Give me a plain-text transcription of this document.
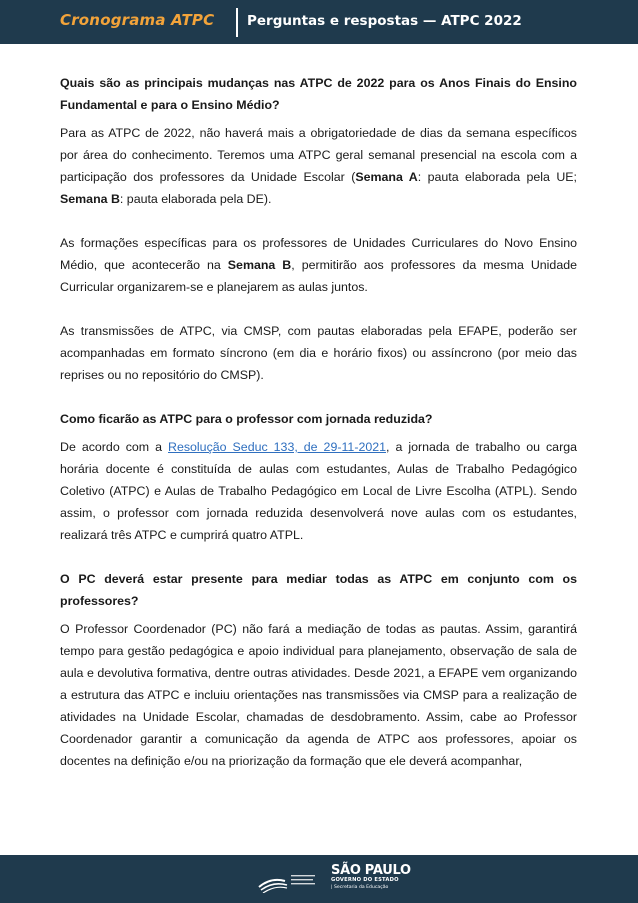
Cronograma ATPC Perguntas e respostas — ATPC 2022

Quais são as principais mudanças nas ATPC de 2022 para os Anos Finais do Ensino Fundamental e para o Ensino Médio?

Para as ATPC de 2022, não haverá mais a obrigatoriedade de dias da semana específicos por área do conhecimento. Teremos uma ATPC geral semanal presencial na escola com a participação dos professores da Unidade Escolar (Semana A: pauta elaborada pela UE; Semana B: pauta elaborada pela DE).

As formações específicas para os professores de Unidades Curriculares do Novo Ensino Médio, que acontecerão na Semana B, permitirão aos professores da mesma Unidade Curricular organizarem-se e planejarem as aulas juntos.

As transmissões de ATPC, via CMSP, com pautas elaboradas pela EFAPE, poderão ser acompanhadas em formato síncrono (em dia e horário fixos) ou assíncrono (por meio das reprises ou no repositório do CMSP).

Como ficarão as ATPC para o professor com jornada reduzida?

De acordo com a Resolução Seduc 133, de 29-11-2021, a jornada de trabalho ou carga horária docente é constituída de aulas com estudantes, Aulas de Trabalho Pedagógico Coletivo (ATPC) e Aulas de Trabalho Pedagógico em Local de Livre Escolha (ATPL). Sendo assim, o professor com jornada reduzida desenvolverá nove aulas com os estudantes, realizará três ATPC e cumprirá quatro ATPL.

O PC deverá estar presente para mediar todas as ATPC em conjunto com os professores?

O Professor Coordenador (PC) não fará a mediação de todas as pautas. Assim, garantirá tempo para gestão pedagógica e apoio individual para planejamento, observação de sala de aula e devolutiva formativa, dentre outras atividades. Desde 2021, a EFAPE vem organizando a estrutura das ATPC e incluiu orientações nas transmissões via CMSP para a realização de atividades na Unidade Escolar, chamadas de desdobramento. Assim, cabe ao Professor Coordenador garantir a comunicação da agenda de ATPC aos professores, apoiar os docentes na definição e/ou na priorização da formação que ele deverá acompanhar,

SÃO PAULO
GOVERNO DO ESTADO
| Secretaria da Educação
